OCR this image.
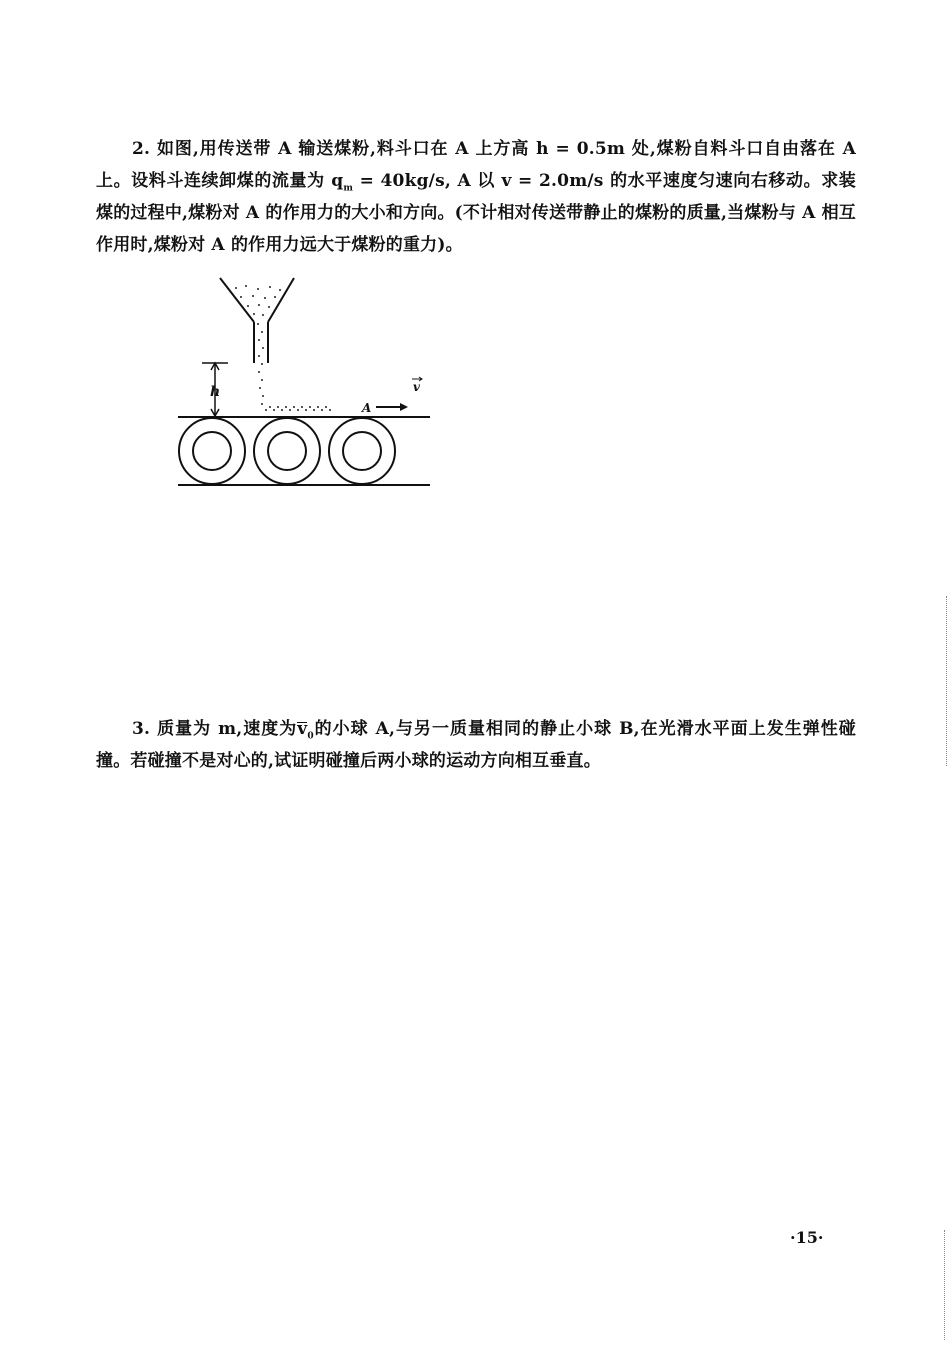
2. 如图,用传送带 A 输送煤粉,料斗口在 A 上方高 h = 0.5m 处,煤粉自料斗口自由落在 A 上。设料斗连续卸煤的流量为 $q_m = 40kg/s$, A 以 v = 2.0m/s 的水平速度匀速向右移动。求装煤的过程中,煤粉对 A 的作用力的大小和方向。(不计相对传送带静止的煤粉的质量,当煤粉与 A 相互作用时,煤粉对 A 的作用力远大于煤粉的重力)。

h
A
v

3. 质量为 m,速度为$v_0$的小球 A,与另一质量相同的静止小球 B,在光滑水平面上发生弹性碰撞。若碰撞不是对心的,试证明碰撞后两小球的运动方向相互垂直。

·15·
